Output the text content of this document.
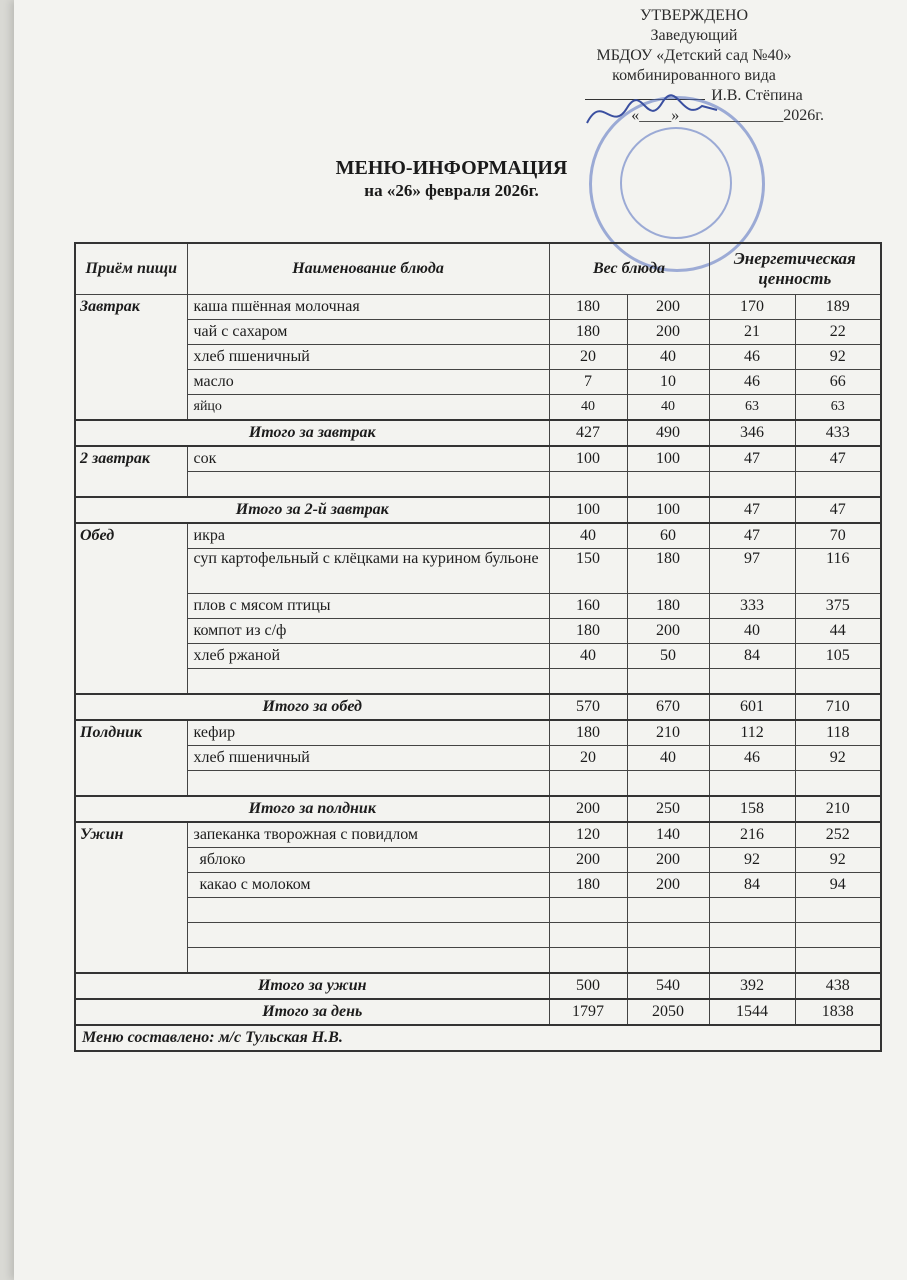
УТВЕРЖДЕНО
Заведующий
МБДОУ «Детский сад №40»
комбинированного вида
И.В. Стёпина
«____»_____________2026г.
МЕНЮ-ИНФОРМАЦИЯ
на «26» февраля 2026г.
Приём пищи	Наименование блюда	Вес блюда		Энергетическая ценность	
Завтрак	каша пшённая молочная	180	200	170	189
	чай с сахаром	180	200	21	22
	хлеб пшеничный	20	40	46	92
	масло	7	10	46	66
	яйцо	40	40	63	63
Итого за завтрак		427	490	346	433
2 завтрак	сок	100	100	47	47

Итого за 2-й завтрак		100	100	47	47
Обед	икра	40	60	47	70
	суп картофельный с клёцками на курином бульоне	150	180	97	116
	плов с мясом птицы	160	180	333	375
	компот из с/ф	180	200	40	44
	хлеб ржаной	40	50	84	105

Итого за обед		570	670	601	710
Полдник	кефир	180	210	112	118
	хлеб пшеничный	20	40	46	92

Итого за полдник		200	250	158	210
Ужин	запеканка творожная с повидлом	120	140	216	252
	яблоко	200	200	92	92
	какао с молоком	180	200	84	94

Итого за ужин		500	540	392	438
Итого за день		1797	2050	1544	1838
Меню составлено: м/с Тульская Н.В.					
